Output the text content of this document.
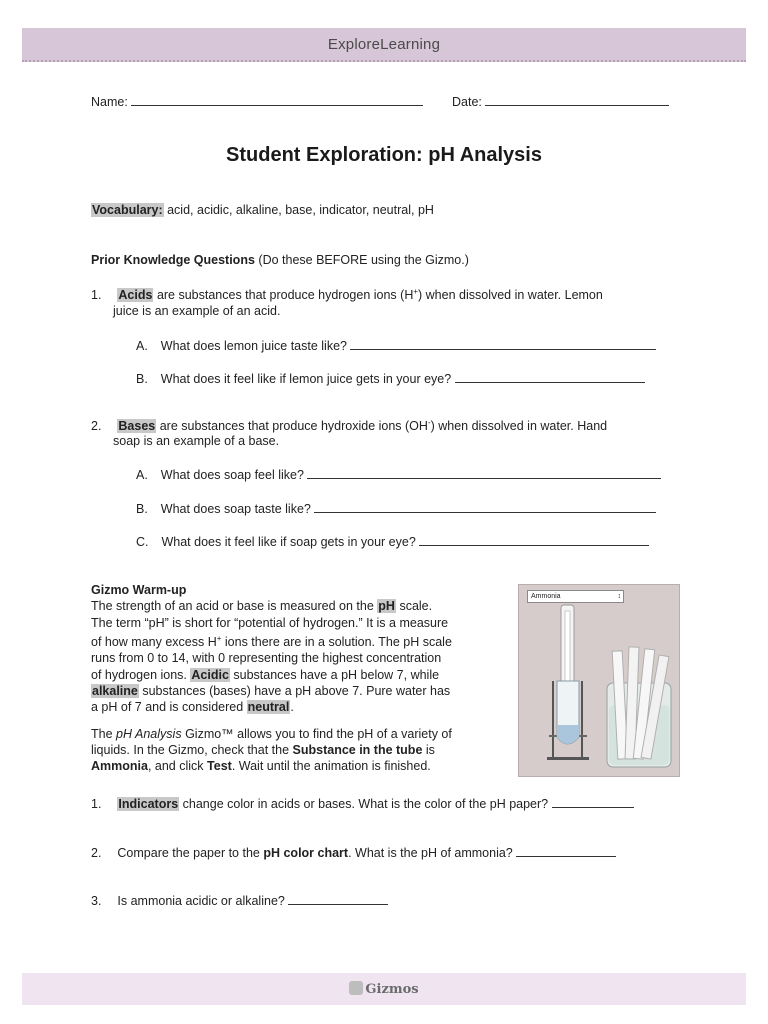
ExploreLearning
Name:	Date:
Student Exploration: pH Analysis
Vocabulary: acid, acidic, alkaline, base, indicator, neutral, pH
Prior Knowledge Questions (Do these BEFORE using the Gizmo.)
1. Acids are substances that produce hydrogen ions (H+) when dissolved in water. Lemon
juice is an example of an acid.
A. What does lemon juice taste like?
B. What does it feel like if lemon juice gets in your eye?
2. Bases are substances that produce hydroxide ions (OH-) when dissolved in water. Hand
soap is an example of a base.
A. What does soap feel like?
B. What does soap taste like?
C. What does it feel like if soap gets in your eye?

Gizmo Warm-up

The strength of an acid or base is measured on the pH scale.

The term “pH” is short for “potential of hydrogen.” It is a measure

of how many excess H+ ions there are in a solution. The pH scale

runs from 0 to 14, with 0 representing the highest concentration

of hydrogen ions. Acidic substances have a pH below 7, while

alkaline substances (bases) have a pH above 7. Pure water has

a pH of 7 and is considered neutral.

The pH Analysis Gizmo™ allows you to find the pH of a variety of

liquids. In the Gizmo, check that the Substance in the tube is

Ammonia, and click Test. Wait until the animation is finished.

Ammonia	↕
1. Indicators change color in acids or bases. What is the color of the pH paper?
2. Compare the paper to the pH color chart. What is the pH of ammonia?
3. Is ammonia acidic or alkaline?
Gizmos
